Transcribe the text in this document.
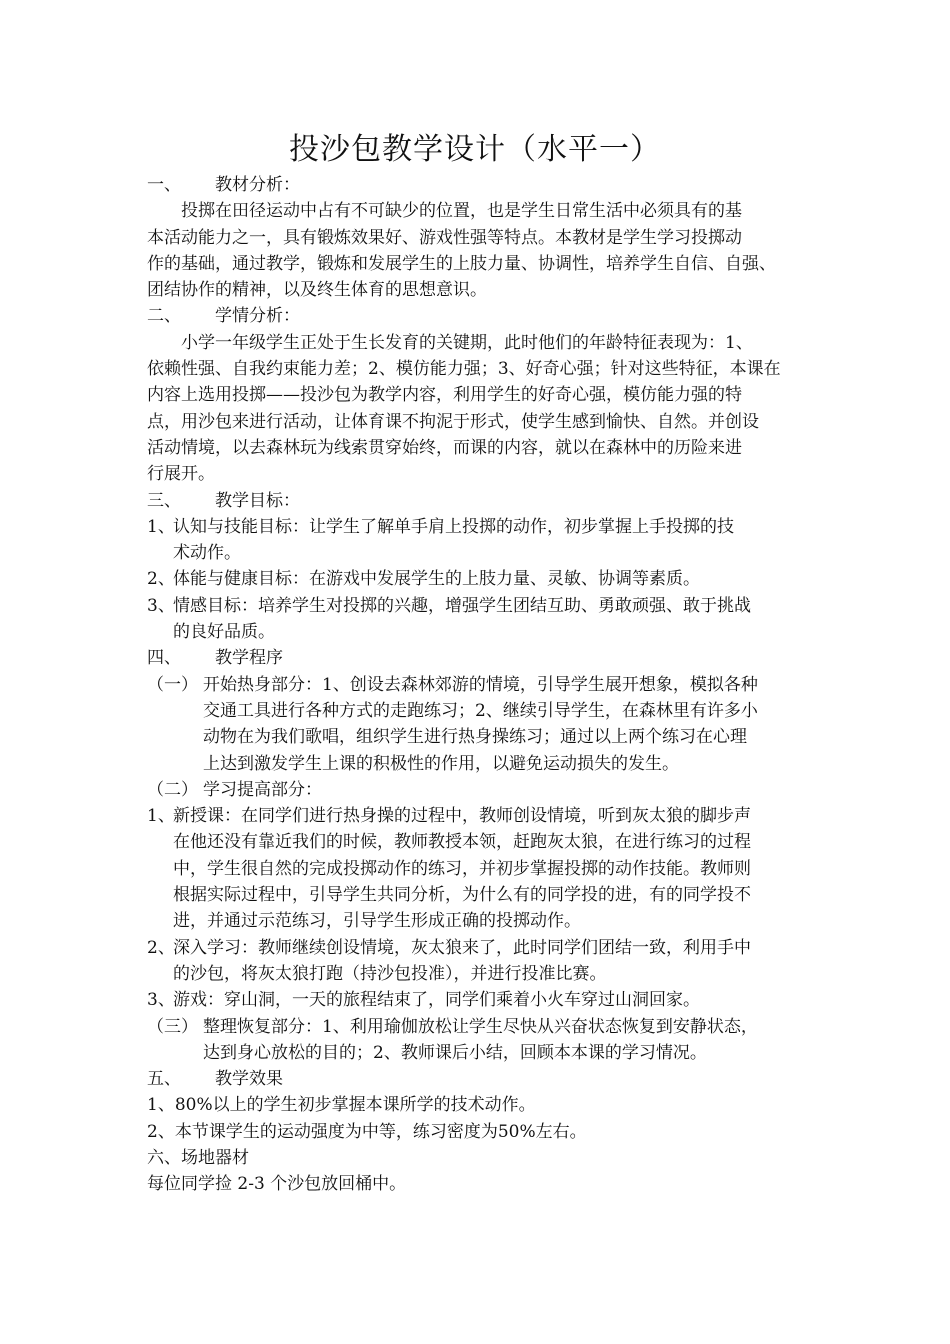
投沙包教学设计（水平一）
一、 教材分析：
投掷在田径运动中占有不可缺少的位置，也是学生日常生活中必须具有的基
本活动能力之一，具有锻炼效果好、游戏性强等特点。本教材是学生学习投掷动
作的基础，通过教学，锻炼和发展学生的上肢力量、协调性，培养学生自信、自强、
团结协作的精神，以及终生体育的思想意识。
二、 学情分析：
小学一年级学生正处于生长发育的关键期，此时他们的年龄特征表现为：1、
依赖性强、自我约束能力差；2、模仿能力强；3、好奇心强；针对这些特征，本课在
内容上选用投掷——投沙包为教学内容，利用学生的好奇心强，模仿能力强的特
点，用沙包来进行活动，让体育课不拘泥于形式，使学生感到愉快、自然。并创设
活动情境，以去森林玩为线索贯穿始终，而课的内容，就以在森林中的历险来进
行展开。
三、 教学目标：
1、认知与技能目标：让学生了解单手肩上投掷的动作，初步掌握上手投掷的技
术动作。
2、体能与健康目标：在游戏中发展学生的上肢力量、灵敏、协调等素质。
3、情感目标：培养学生对投掷的兴趣，增强学生团结互助、勇敢顽强、敢于挑战
的良好品质。
四、 教学程序
（一） 开始热身部分：1、创设去森林郊游的情境，引导学生展开想象，模拟各种
交通工具进行各种方式的走跑练习；2、继续引导学生，在森林里有许多小
动物在为我们歌唱，组织学生进行热身操练习；通过以上两个练习在心理
上达到激发学生上课的积极性的作用，以避免运动损失的发生。
（二） 学习提高部分：
1、新授课：在同学们进行热身操的过程中，教师创设情境，听到灰太狼的脚步声
在他还没有靠近我们的时候，教师教授本领，赶跑灰太狼，在进行练习的过程
中，学生很自然的完成投掷动作的练习，并初步掌握投掷的动作技能。教师则
根据实际过程中，引导学生共同分析，为什么有的同学投的进，有的同学投不
进，并通过示范练习，引导学生形成正确的投掷动作。
2、深入学习：教师继续创设情境，灰太狼来了，此时同学们团结一致，利用手中
的沙包，将灰太狼打跑（持沙包投准），并进行投准比赛。
3、游戏：穿山洞，一天的旅程结束了，同学们乘着小火车穿过山洞回家。
（三） 整理恢复部分：1、利用瑜伽放松让学生尽快从兴奋状态恢复到安静状态，
达到身心放松的目的；2、教师课后小结，回顾本本课的学习情况。
五、 教学效果
1、80%以上的学生初步掌握本课所学的技术动作。
2、本节课学生的运动强度为中等，练习密度为50%左右。
六、场地器材
每位同学捡 2-3 个沙包放回桶中。
